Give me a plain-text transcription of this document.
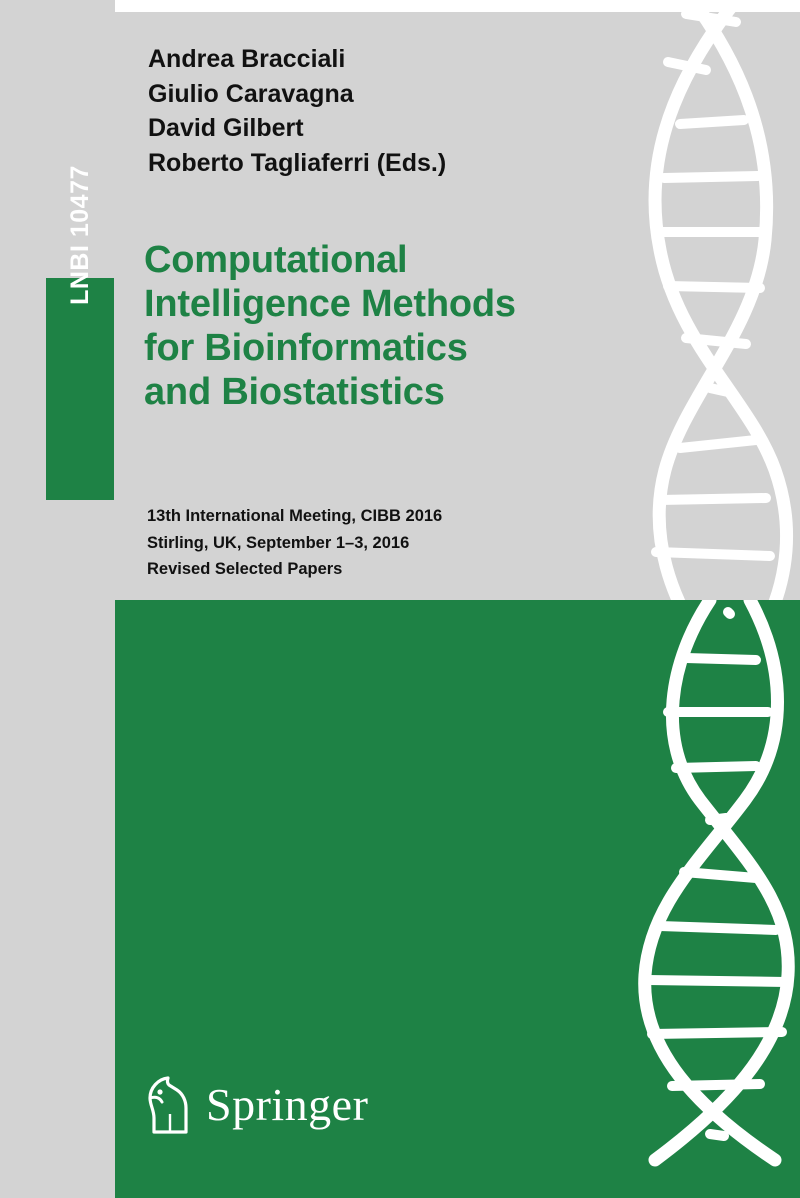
LNBI 10477
Andrea Bracciali
Giulio Caravagna
David Gilbert
Roberto Tagliaferri (Eds.)
Computational
Intelligence Methods
for Bioinformatics
and Biostatistics
13th International Meeting, CIBB 2016
Stirling, UK, September 1–3, 2016
Revised Selected Papers
Springer
